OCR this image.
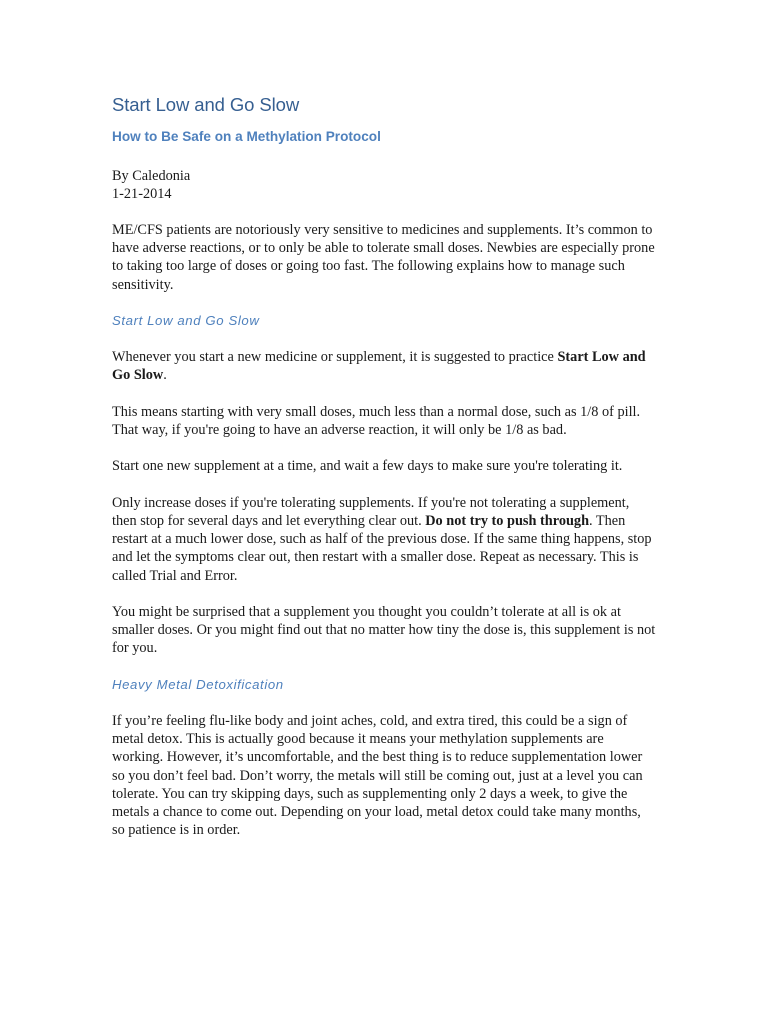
Start Low and Go Slow
How to Be Safe on a Methylation Protocol
By Caledonia
1-21-2014

ME/CFS patients are notoriously very sensitive to medicines and supplements. It’s common to have adverse reactions, or to only be able to tolerate small doses. Newbies are especially prone to taking too large of doses or going too fast. The following explains how to manage such sensitivity.

Start Low and Go Slow

Whenever you start a new medicine or supplement, it is suggested to practice Start Low and Go Slow.

This means starting with very small doses, much less than a normal dose, such as 1/8 of pill. That way, if you're going to have an adverse reaction, it will only be 1/8 as bad.

Start one new supplement at a time, and wait a few days to make sure you're tolerating it.

Only increase doses if you're tolerating supplements. If you're not tolerating a supplement, then stop for several days and let everything clear out. Do not try to push through. Then restart at a much lower dose, such as half of the previous dose. If the same thing happens, stop and let the symptoms clear out, then restart with a smaller dose. Repeat as necessary. This is called Trial and Error.

You might be surprised that a supplement you thought you couldn’t tolerate at all is ok at smaller doses. Or you might find out that no matter how tiny the dose is, this supplement is not for you.

Heavy Metal Detoxification

If you’re feeling flu-like body and joint aches, cold, and extra tired, this could be a sign of metal detox. This is actually good because it means your methylation supplements are working. However, it’s uncomfortable, and the best thing is to reduce supplementation lower so you don’t feel bad. Don’t worry, the metals will still be coming out, just at a level you can tolerate. You can try skipping days, such as supplementing only 2 days a week, to give the metals a chance to come out. Depending on your load, metal detox could take many months, so patience is in order.
